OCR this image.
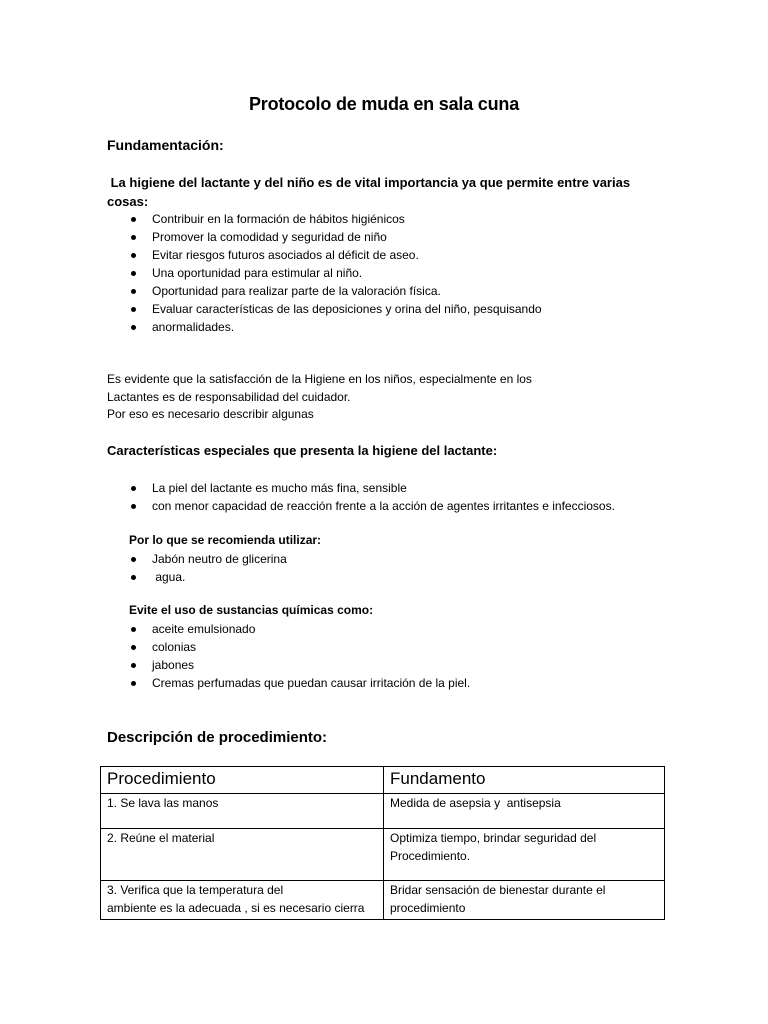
Protocolo de muda en sala cuna
Fundamentación:
La higiene del lactante y del niño es de vital importancia ya que permite entre varias
cosas:
Contribuir en la formación de hábitos higiénicos
Promover la comodidad y seguridad de niño
Evitar riesgos futuros asociados al déficit de aseo.
Una oportunidad para estimular al niño.
Oportunidad para realizar parte de la valoración física.
Evaluar características de las deposiciones y orina del niño, pesquisando
anormalidades.
Es evidente que la satisfacción de la Higiene en los niños, especialmente en los
Lactantes es de responsabilidad del cuidador.
Por eso es necesario describir algunas
Características especiales que presenta la higiene del lactante:
La piel del lactante es mucho más fina, sensible
con menor capacidad de reacción frente a la acción de agentes irritantes e infecciosos.
Por lo que se recomienda utilizar:
Jabón neutro de glicerina
agua.
Evite el uso de sustancias químicas como:
aceite emulsionado
colonias
jabones
Cremas perfumadas que puedan causar irritación de la piel.
Descripción de procedimiento:
Procedimiento	Fundamento

1. Se lava las manos	Medida de asepsia y  antisepsia

2. Reúne el material	Optimiza tiempo, brindar seguridad del
Procedimiento.

3. Verifica que la temperatura del
ambiente es la adecuada , si es necesario cierra	Bridar sensación de bienestar durante el
procedimiento
